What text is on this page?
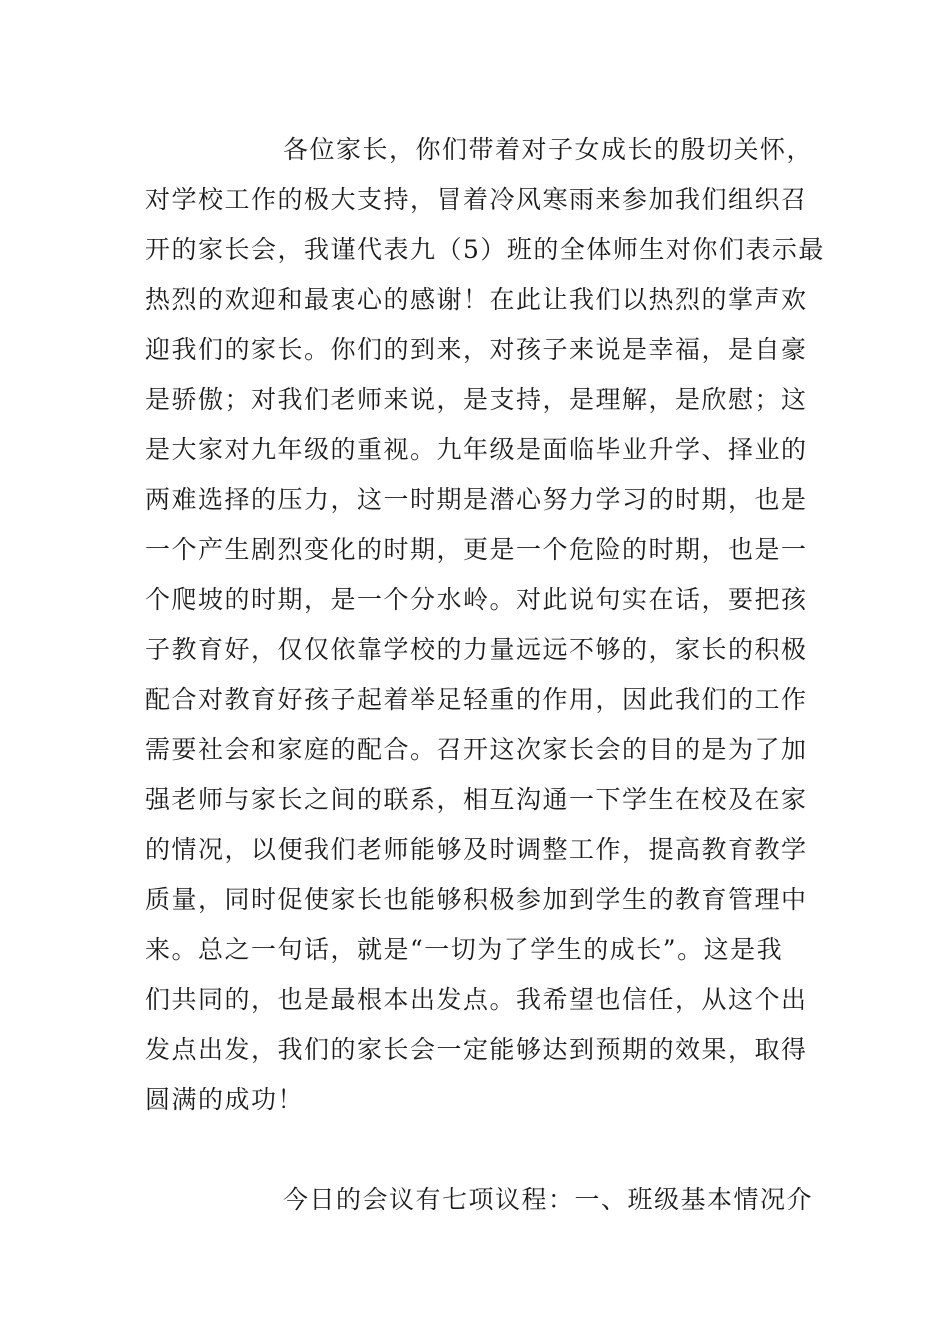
各位家长，你们带着对子女成长的殷切关怀，
对学校工作的极大支持，冒着冷风寒雨来参加我们组织召
开的家长会，我谨代表九（5）班的全体师生对你们表示最
热烈的欢迎和最衷心的感谢！在此让我们以热烈的掌声欢
迎我们的家长。你们的到来，对孩子来说是幸福，是自豪
是骄傲；对我们老师来说，是支持，是理解，是欣慰；这
是大家对九年级的重视。九年级是面临毕业升学、择业的
两难选择的压力，这一时期是潜心努力学习的时期，也是
一个产生剧烈变化的时期，更是一个危险的时期，也是一
个爬坡的时期，是一个分水岭。对此说句实在话，要把孩
子教育好，仅仅依靠学校的力量远远不够的，家长的积极
配合对教育好孩子起着举足轻重的作用，因此我们的工作
需要社会和家庭的配合。召开这次家长会的目的是为了加
强老师与家长之间的联系，相互沟通一下学生在校及在家
的情况，以便我们老师能够及时调整工作，提高教育教学
质量，同时促使家长也能够积极参加到学生的教育管理中
来。总之一句话，就是“一切为了学生的成长”。这是我
们共同的，也是最根本出发点。我希望也信任，从这个出
发点出发，我们的家长会一定能够达到预期的效果，取得
圆满的成功！
今日的会议有七项议程：一、班级基本情况介
